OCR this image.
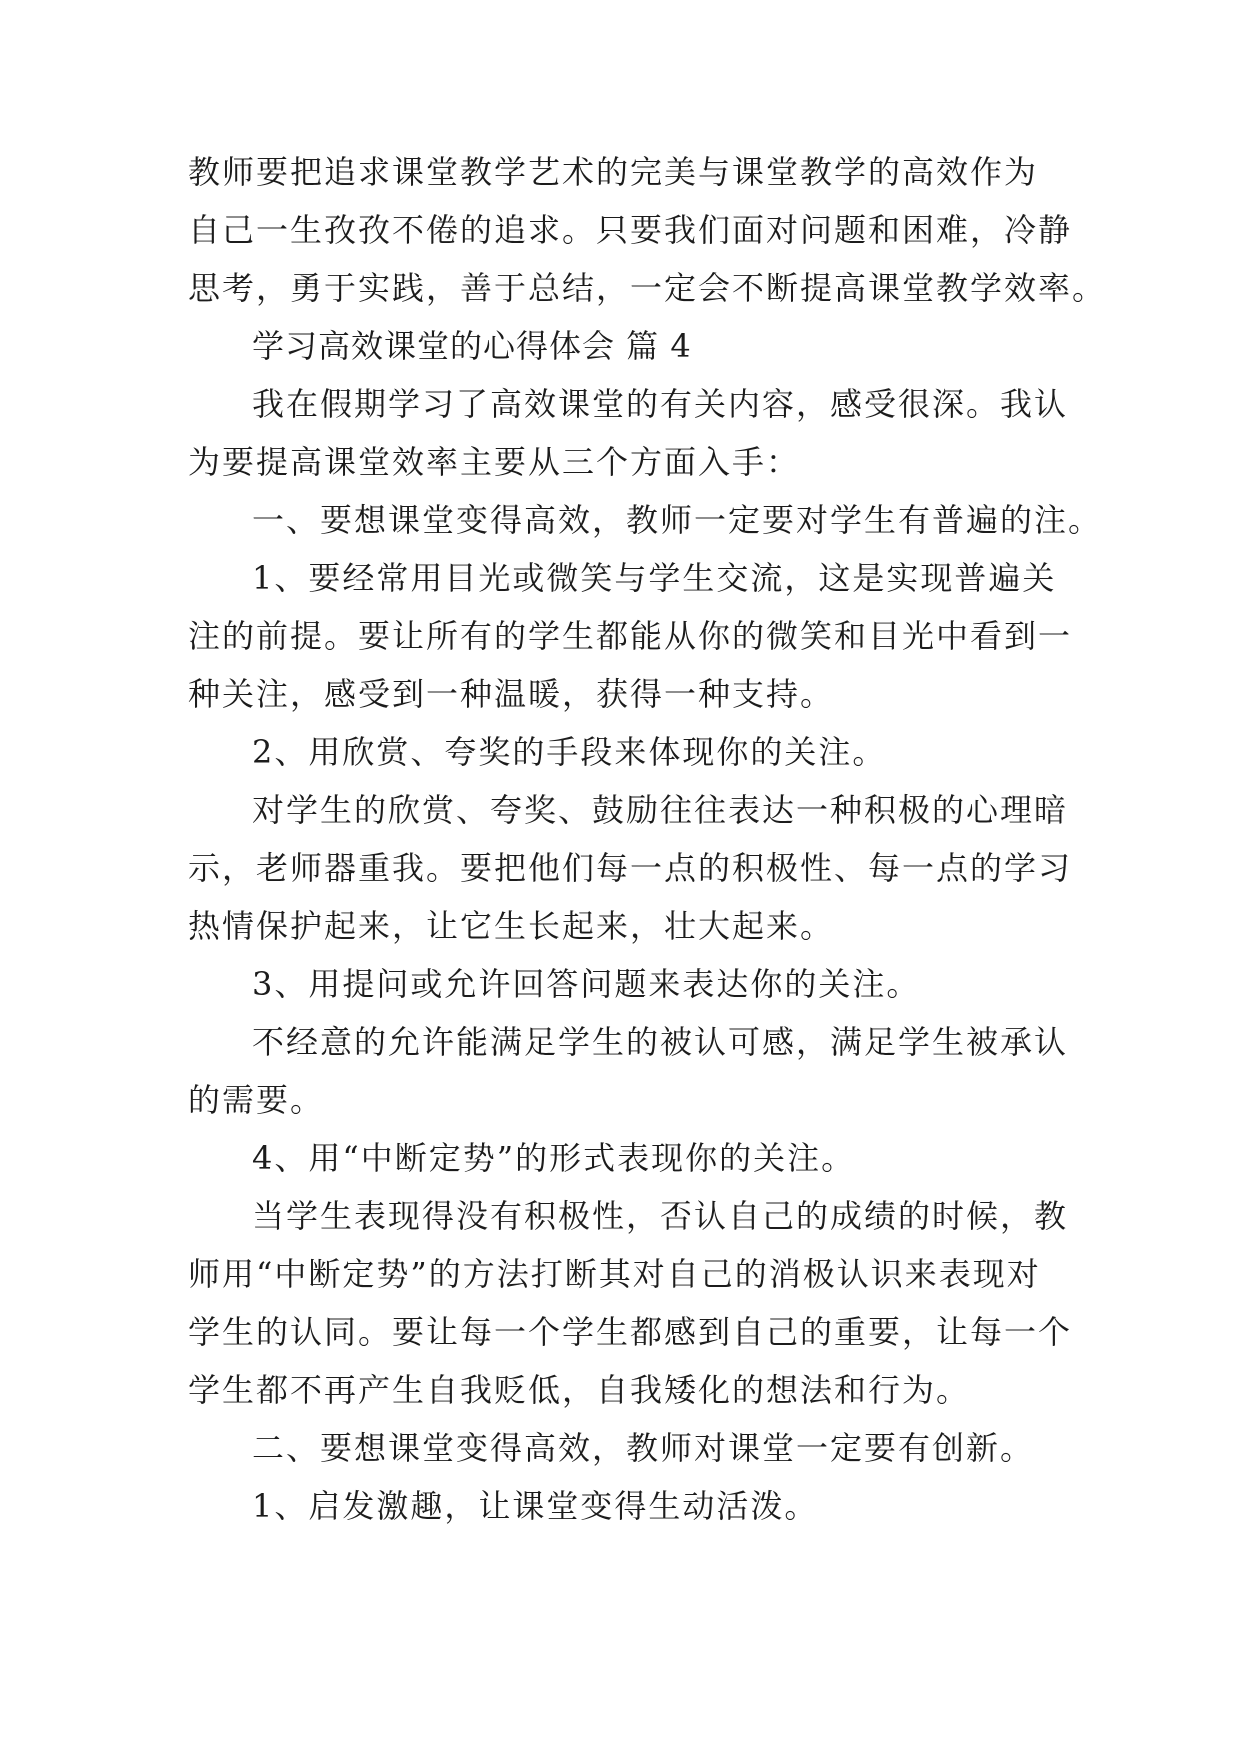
教师要把追求课堂教学艺术的完美与课堂教学的高效作为
自己一生孜孜不倦的追求。只要我们面对问题和困难，冷静
思考，勇于实践，善于总结，一定会不断提高课堂教学效率。
学习高效课堂的心得体会 篇 4
我在假期学习了高效课堂的有关内容，感受很深。我认
为要提高课堂效率主要从三个方面入手：
一、要想课堂变得高效，教师一定要对学生有普遍的注。
1、要经常用目光或微笑与学生交流，这是实现普遍关
注的前提。要让所有的学生都能从你的微笑和目光中看到一
种关注，感受到一种温暖，获得一种支持。
2、用欣赏、夸奖的手段来体现你的关注。
对学生的欣赏、夸奖、鼓励往往表达一种积极的心理暗
示，老师器重我。要把他们每一点的积极性、每一点的学习
热情保护起来，让它生长起来，壮大起来。
3、用提问或允许回答问题来表达你的关注。
不经意的允许能满足学生的被认可感，满足学生被承认
的需要。
4、用“中断定势”的形式表现你的关注。
当学生表现得没有积极性，否认自己的成绩的时候，教
师用“中断定势”的方法打断其对自己的消极认识来表现对
学生的认同。要让每一个学生都感到自己的重要，让每一个
学生都不再产生自我贬低，自我矮化的想法和行为。
二、要想课堂变得高效，教师对课堂一定要有创新。
1、启发激趣，让课堂变得生动活泼。
